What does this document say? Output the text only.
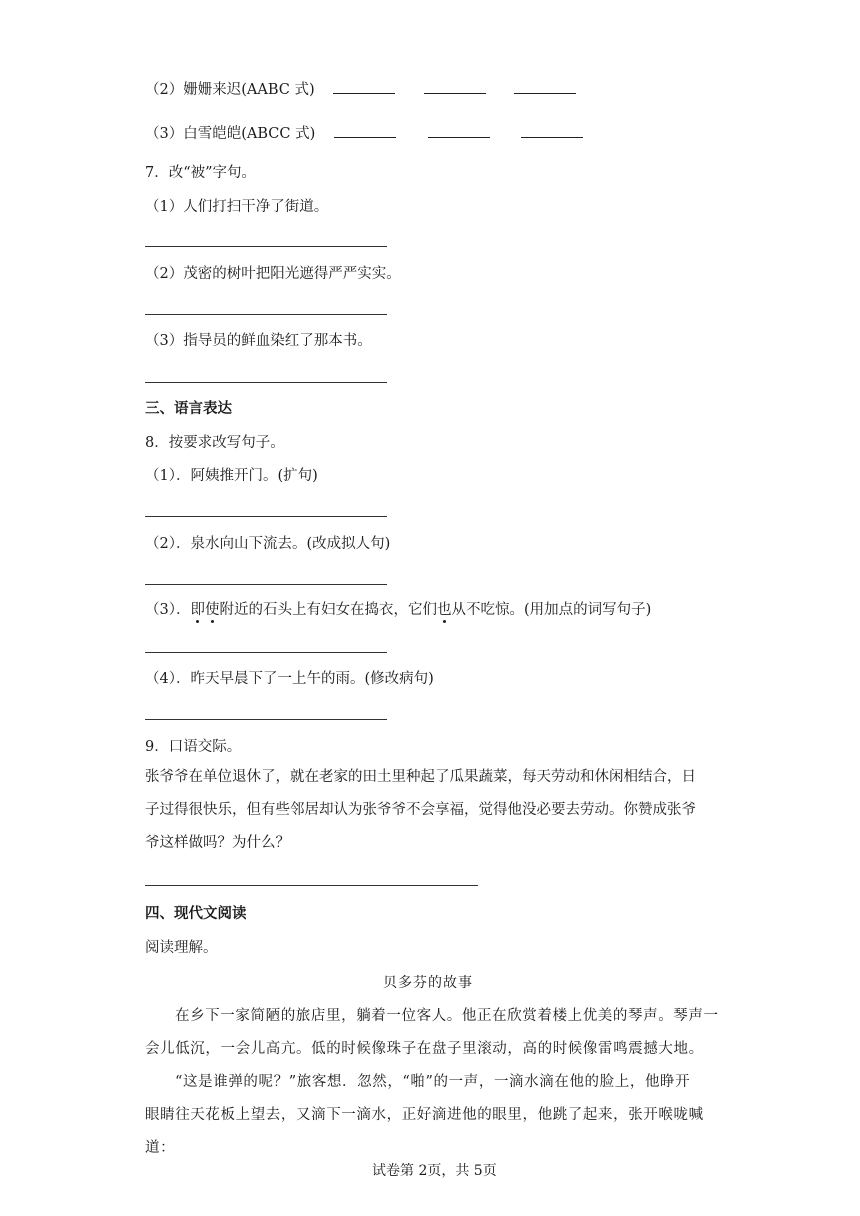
（2）姗姗来迟(AABC 式)
（3）白雪皑皑(ABCC 式)
7．改“被”字句。
（1）人们打扫干净了街道。
（2）茂密的树叶把阳光遮得严严实实。
（3）指导员的鲜血染红了那本书。
三、语言表达
8．按要求改写句子。
（1）．阿姨推开门。(扩句)
（2）．泉水向山下流去。(改成拟人句)
（3）．即使附近的石头上有妇女在捣衣，它们也从不吃惊。(用加点的词写句子)
（4）．昨天早晨下了一上午的雨。(修改病句)
9．口语交际。
张爷爷在单位退休了，就在老家的田土里种起了瓜果蔬菜，每天劳动和休闲相结合，日
子过得很快乐，但有些邻居却认为张爷爷不会享福，觉得他没必要去劳动。你赞成张爷
爷这样做吗？为什么？
四、现代文阅读
阅读理解。
贝多芬的故事
在乡下一家简陋的旅店里，躺着一位客人。他正在欣赏着楼上优美的琴声。琴声一
会儿低沉，一会儿高亢。低的时候像珠子在盘子里滚动，高的时候像雷鸣震撼大地。
“这是谁弹的呢？”旅客想．忽然，“啪”的一声，一滴水滴在他的脸上，他睁开
眼睛往天花板上望去，又滴下一滴水，正好滴进他的眼里，他跳了起来，张开喉咙喊道：
试卷第 2页，共 5页
